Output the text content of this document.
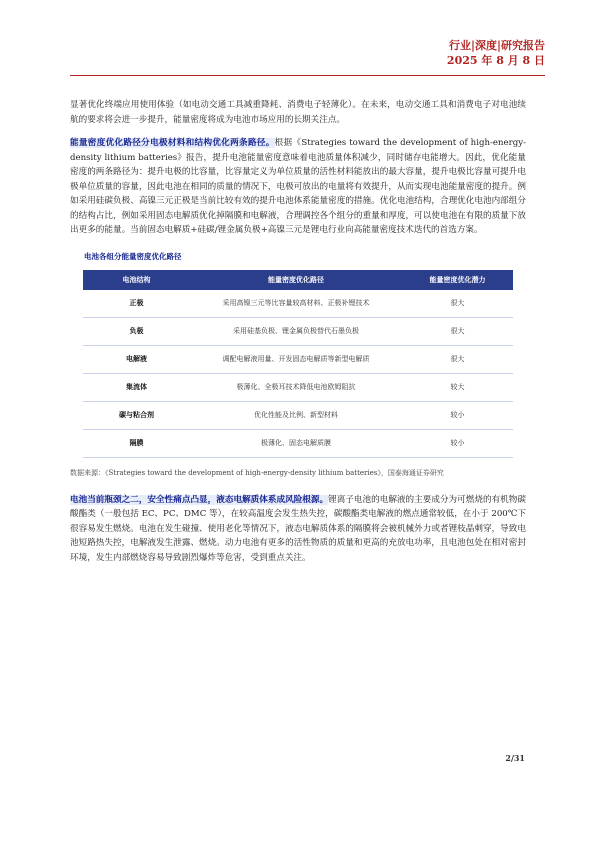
行业|深度|研究报告
2025 年 8 月 8 日

显著优化终端应用使用体验（如电动交通工具减重降耗、消费电子轻薄化）。在未来，电动交通工具和消费电子对电池续航的要求将会进一步提升，能量密度将成为电池市场应用的长期关注点。

能量密度优化路径分电极材料和结构优化两条路径。根据《Strategies toward the development of high-energy-density lithium batteries》报告，提升电池能量密度意味着电池质量体积减少，同时储存电能增大。因此，优化能量密度的两条路径为：提升电极的比容量，比容量定义为单位质量的活性材料能放出的最大容量，提升电极比容量可提升电极单位质量的容量，因此电池在相同的质量的情况下，电极可放出的电量将有效提升，从而实现电池能量密度的提升。例如采用硅碳负极、高镍三元正极是当前比较有效的提升电池体系能量密度的措施。优化电池结构，合理优化电池内部组分的结构占比，例如采用固态电解质优化掉隔膜和电解液，合理调控各个组分的重量和厚度，可以使电池在有限的质量下放出更多的能量。当前固态电解质+硅碳/锂金属负极+高镍三元是锂电行业向高能量密度技术迭代的首选方案。

电池各组分能量密度优化路径
电池结构	能量密度优化路径	能量密度优化潜力
正极	采用高镍三元等比容量较高材料、正极补锂技术	很大
负极	采用硅基负极、锂金属负极替代石墨负极	很大
电解液	调配电解液用量、开发固态电解质等新型电解质	很大
集流体	极薄化、全极耳技术降低电池欧姆阻抗	较大
碳与粘合剂	优化性能及比例、新型材料	较小
隔膜	极薄化、固态电解质膜	较小
数据来源：《Strategies toward the development of high-energy-density lithium batteries》，国泰海通证券研究

电池当前瓶颈之二，安全性痛点凸显，液态电解质体系成风险根源。锂离子电池的电解液的主要成分为可燃烧的有机物碳酸酯类（一般包括 EC、PC、DMC 等），在较高温度会发生热失控，碳酸酯类电解液的燃点通常较低，在小于 200℃下很容易发生燃烧。电池在发生碰撞、使用老化等情况下，液态电解质体系的隔膜将会被机械外力或者锂枝晶刺穿，导致电池短路热失控，电解液发生泄露、燃烧。动力电池有更多的活性物质的质量和更高的充放电功率，且电池包处在相对密封环境，发生内部燃烧容易导致剧烈爆炸等危害，受到重点关注。

2/31
